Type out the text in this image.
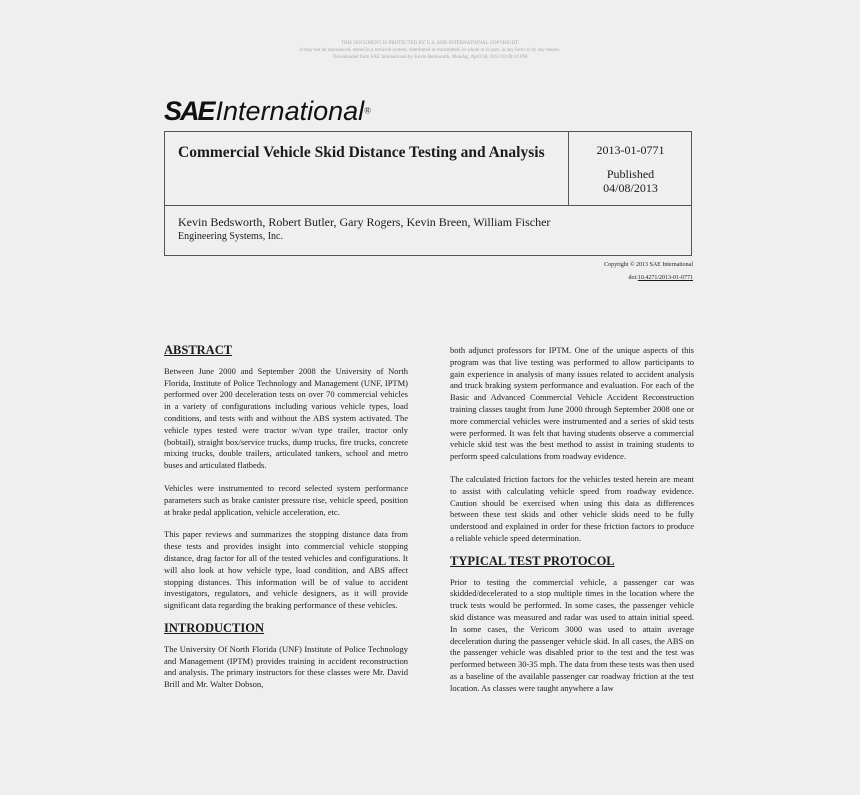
THIS DOCUMENT IS PROTECTED BY U.S. AND INTERNATIONAL COPYRIGHT.
It may not be reproduced, stored in a retrieval system, distributed or transmitted, in whole or in part, in any form or by any means.
Downloaded from SAE International by Kevin Bedsworth, Monday, April 08, 2013 03:00:14 PM
SAEInternational®
Commercial Vehicle Skid Distance Testing and Analysis	2013-01-0771
Published
04/08/2013
Kevin Bedsworth, Robert Butler, Gary Rogers, Kevin Breen, William Fischer
Engineering Systems, Inc.
Copyright © 2013 SAE International
doi:10.4271/2013-01-0771
ABSTRACT

Between June 2000 and September 2008 the University of North Florida, Institute of Police Technology and Management (UNF, IPTM) performed over 200 deceleration tests on over 70 commercial vehicles in a variety of configurations including various vehicle types, load conditions, and tests with and without the ABS system activated. The vehicle types tested were tractor w/van type trailer, tractor only (bobtail), straight box/service trucks, dump trucks, fire trucks, concrete mixing trucks, double trailers, articulated tankers, school and metro buses and articulated flatbeds.

Vehicles were instrumented to record selected system performance parameters such as brake canister pressure rise, vehicle speed, position at brake pedal application, vehicle acceleration, etc.

This paper reviews and summarizes the stopping distance data from these tests and provides insight into commercial vehicle stopping distance, drag factor for all of the tested vehicles and configurations. It will also look at how vehicle type, load condition, and ABS affect stopping distances. This information will be of value to accident investigators, regulators, and vehicle designers, as it will provide significant data regarding the braking performance of these vehicles.

INTRODUCTION

The University Of North Florida (UNF) Institute of Police Technology and Management (IPTM) provides training in accident reconstruction and analysis. The primary instructors for these classes were Mr. David Brill and Mr. Walter Dobson,

both adjunct professors for IPTM. One of the unique aspects of this program was that live testing was performed to allow participants to gain experience in analysis of many issues related to accident analysis and truck braking system performance and evaluation. For each of the Basic and Advanced Commercial Vehicle Accident Reconstruction training classes taught from June 2000 through September 2008 one or more commercial vehicles were instrumented and a series of skid tests were performed. It was felt that having students observe a commercial vehicle skid test was the best method to assist in training students to perform speed calculations from roadway evidence.

The calculated friction factors for the vehicles tested herein are meant to assist with calculating vehicle speed from roadway evidence. Caution should be exercised when using this data as differences between these test skids and other vehicle skids need to be fully understood and explained in order for these friction factors to produce a reliable vehicle speed determination.

TYPICAL TEST PROTOCOL

Prior to testing the commercial vehicle, a passenger car was skidded/decelerated to a stop multiple times in the location where the truck tests would be performed. In some cases, the passenger vehicle skid distance was measured and radar was used to attain initial speed. In some cases, the Vericom 3000 was used to attain average deceleration during the passenger vehicle skid. In all cases, the ABS on the passenger vehicle was disabled prior to the test and the test was performed between 30-35 mph. The data from these tests was then used as a baseline of the available passenger car roadway friction at the test location. As classes were taught anywhere a law
